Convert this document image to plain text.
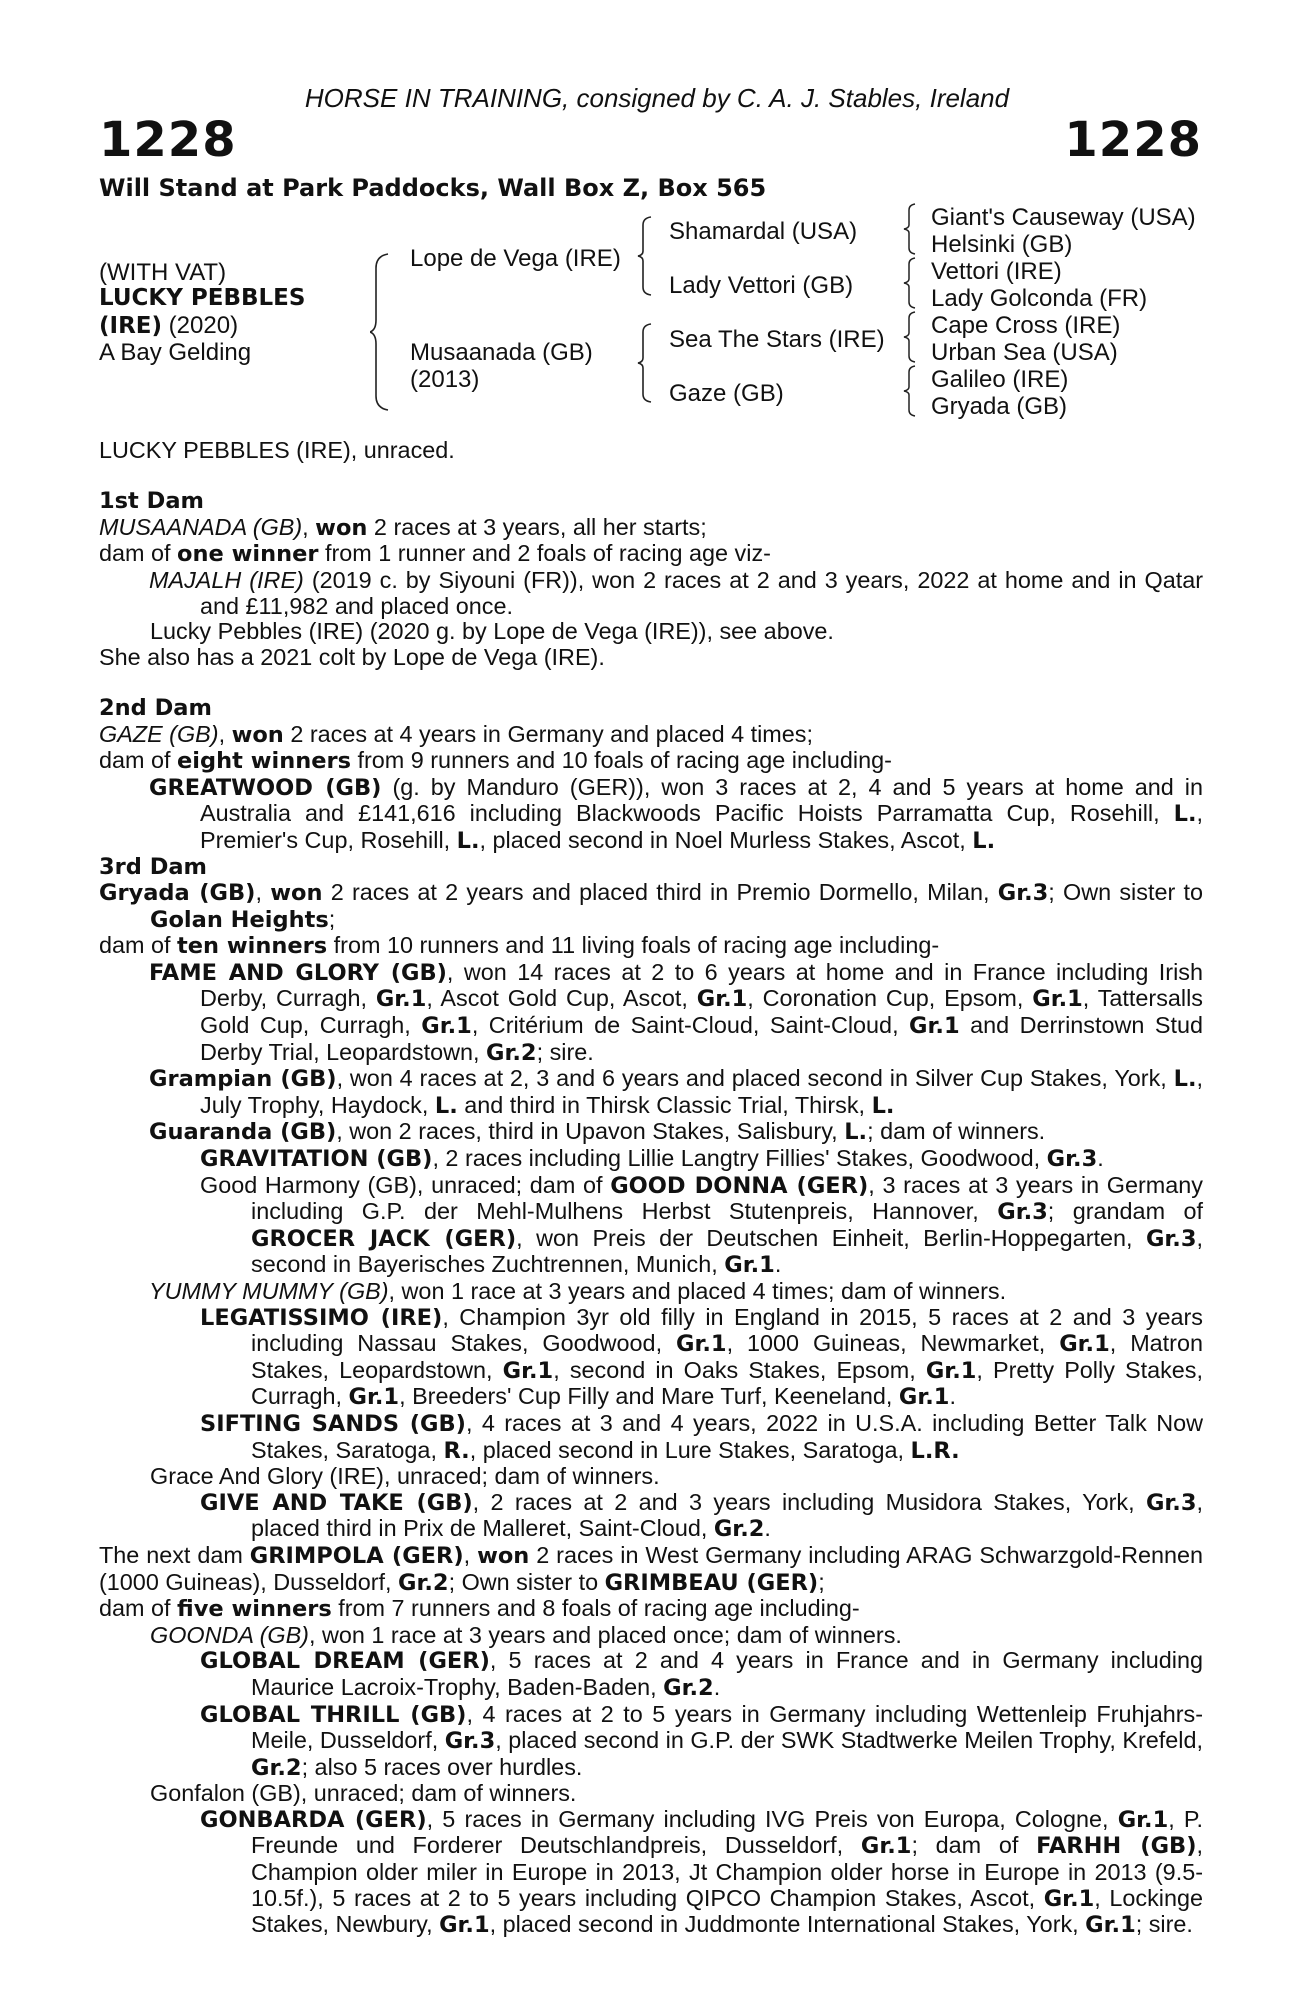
HORSE IN TRAINING, consigned by C. A. J. Stables, Ireland
1228	1228
Will Stand at Park Paddocks, Wall Box Z, Box 565
(WITH VAT)
LUCKY PEBBLES
(IRE) (2020)
A Bay Gelding
Lope de Vega (IRE)
Musaanada (GB)
(2013)
Shamardal (USA)
Lady Vettori (GB)
Sea The Stars (IRE)
Gaze (GB)
Giant's Causeway (USA)
Helsinki (GB)
Vettori (IRE)
Lady Golconda (FR)
Cape Cross (IRE)
Urban Sea (USA)
Galileo (IRE)
Gryada (GB)

LUCKY PEBBLES (IRE), unraced.

1st Dam

MUSAANADA (GB), won 2 races at 3 years, all her starts;

dam of one winner from 1 runner and 2 foals of racing age viz-

MAJALH (IRE) (2019 c. by Siyouni (FR)), won 2 races at 2 and 3 years, 2022 at home and in Qatar and £11,982 and placed once.

Lucky Pebbles (IRE) (2020 g. by Lope de Vega (IRE)), see above.

She also has a 2021 colt by Lope de Vega (IRE).

2nd Dam

GAZE (GB), won 2 races at 4 years in Germany and placed 4 times;

dam of eight winners from 9 runners and 10 foals of racing age including-

GREATWOOD (GB) (g. by Manduro (GER)), won 3 races at 2, 4 and 5 years at home and in Australia and £141,616 including Blackwoods Pacific Hoists Parramatta Cup, Rosehill, L., Premier's Cup, Rosehill, L., placed second in Noel Murless Stakes, Ascot, L.

3rd Dam

Gryada (GB), won 2 races at 2 years and placed third in Premio Dormello, Milan, Gr.3; Own sister to Golan Heights;

dam of ten winners from 10 runners and 11 living foals of racing age including-

FAME AND GLORY (GB), won 14 races at 2 to 6 years at home and in France including Irish Derby, Curragh, Gr.1, Ascot Gold Cup, Ascot, Gr.1, Coronation Cup, Epsom, Gr.1, Tattersalls Gold Cup, Curragh, Gr.1, Critérium de Saint-Cloud, Saint-Cloud, Gr.1 and Derrinstown Stud Derby Trial, Leopardstown, Gr.2; sire.

Grampian (GB), won 4 races at 2, 3 and 6 years and placed second in Silver Cup Stakes, York, L., July Trophy, Haydock, L. and third in Thirsk Classic Trial, Thirsk, L.

Guaranda (GB), won 2 races, third in Upavon Stakes, Salisbury, L.; dam of winners.

GRAVITATION (GB), 2 races including Lillie Langtry Fillies' Stakes, Goodwood, Gr.3.

Good Harmony (GB), unraced; dam of GOOD DONNA (GER), 3 races at 3 years in Germany including G.P. der Mehl-Mulhens Herbst Stutenpreis, Hannover, Gr.3; grandam of GROCER JACK (GER), won Preis der Deutschen Einheit, Berlin-Hoppegarten, Gr.3, second in Bayerisches Zuchtrennen, Munich, Gr.1.

YUMMY MUMMY (GB), won 1 race at 3 years and placed 4 times; dam of winners.

LEGATISSIMO (IRE), Champion 3yr old filly in England in 2015, 5 races at 2 and 3 years including Nassau Stakes, Goodwood, Gr.1, 1000 Guineas, Newmarket, Gr.1, Matron Stakes, Leopardstown, Gr.1, second in Oaks Stakes, Epsom, Gr.1, Pretty Polly Stakes, Curragh, Gr.1, Breeders' Cup Filly and Mare Turf, Keeneland, Gr.1.

SIFTING SANDS (GB), 4 races at 3 and 4 years, 2022 in U.S.A. including Better Talk Now Stakes, Saratoga, R., placed second in Lure Stakes, Saratoga, L.R.

Grace And Glory (IRE), unraced; dam of winners.

GIVE AND TAKE (GB), 2 races at 2 and 3 years including Musidora Stakes, York, Gr.3, placed third in Prix de Malleret, Saint-Cloud, Gr.2.

The next dam GRIMPOLA (GER), won 2 races in West Germany including ARAG Schwarzgold-Rennen (1000 Guineas), Dusseldorf, Gr.2; Own sister to GRIMBEAU (GER);

dam of five winners from 7 runners and 8 foals of racing age including-

GOONDA (GB), won 1 race at 3 years and placed once; dam of winners.

GLOBAL DREAM (GER), 5 races at 2 and 4 years in France and in Germany including Maurice Lacroix-Trophy, Baden-Baden, Gr.2.

GLOBAL THRILL (GB), 4 races at 2 to 5 years in Germany including Wettenleip Fruhjahrs-Meile, Dusseldorf, Gr.3, placed second in G.P. der SWK Stadtwerke Meilen Trophy, Krefeld, Gr.2; also 5 races over hurdles.

Gonfalon (GB), unraced; dam of winners.

GONBARDA (GER), 5 races in Germany including IVG Preis von Europa, Cologne, Gr.1, P. Freunde und Forderer Deutschlandpreis, Dusseldorf, Gr.1; dam of FARHH (GB), Champion older miler in Europe in 2013, Jt Champion older horse in Europe in 2013 (9.5-10.5f.), 5 races at 2 to 5 years including QIPCO Champion Stakes, Ascot, Gr.1, Lockinge Stakes, Newbury, Gr.1, placed second in Juddmonte International Stakes, York, Gr.1; sire.
